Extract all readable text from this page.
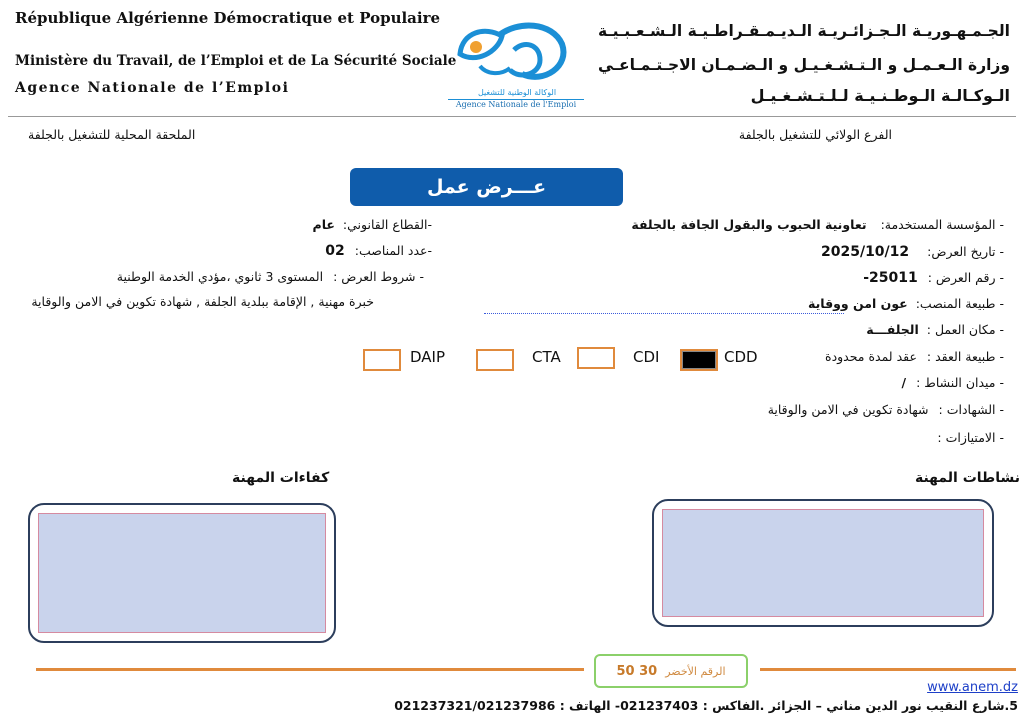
République Algérienne Démocratique et Populaire
Ministère du Travail, de l’Emploi et de La Sécurité Sociale
Agence Nationale de l’Emploi	الوكالة الوطنية للتشغيل
Agence Nationale de l'Emploi
الجـمـهـوريـة الـجـزائـريـة الـديـمـقـراطـيـة الـشـعـبـيـة
وزارة الـعـمـل و الـتـشـغـيـل و الـضـمـان الاجـتـمـاعـي
الـوكـالـة الـوطـنـيـة لـلـتـشـغـيـل
الملحقة المحلية للتشغيل بالجلفة	الفرع الولائي للتشغيل بالجلفة
عـــرض عمل
- المؤسسة المستخدمة: تعاونية الحبوب والبقول الجافة بالجلفة
- تاريخ العرض: 2025/10/12
- رقم العرض : 25011-
- طبيعة المنصب: عون امن ووقاية
- مكان العمل : الجلفـــة
- طبيعة العقد : عقد لمدة محدودة
- ميدان النشاط : /
- الشهادات : شهادة تكوين في الامن والوقاية
- الامتيازات :
-القطاع القانوني: عام
-عدد المناصب: 02
- شروط العرض : المستوى 3 ثانوي ،مؤدي الخدمة الوطنية
خبرة مهنية , الإقامة ببلدية الجلفة , شهادة تكوين في الامن والوقاية
CDD
CDI
CTA
DAIP
نشاطات المهنة
كفاءات المهنة
الرقم الأخضر
30 50
www.anem.dz
5.شارع النقيب نور الدين مناني – الجزائر .الفاكس : 021237403- الهاتف : 021237321/021237986
